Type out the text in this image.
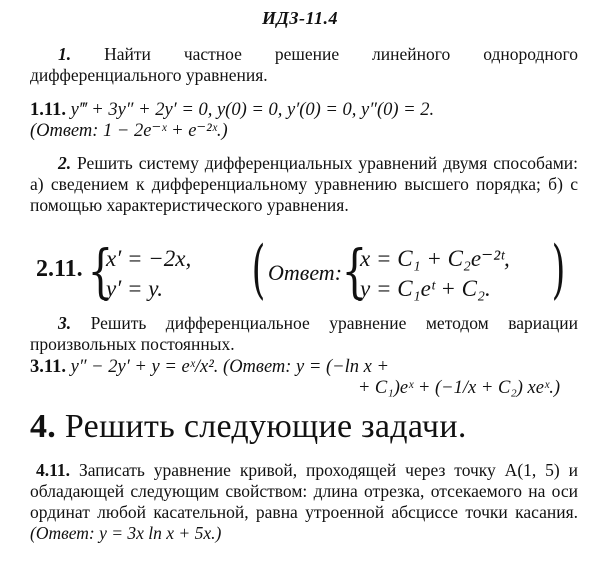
ИДЗ-11.4
1. Найти частное решение линейного однородного дифференциального уравнения.
1.11. y‴ + 3y″ + 2y′ = 0, y(0) = 0, y′(0) = 0, y″(0) = 2.
(Ответ: 1 − 2e⁻ˣ + e⁻²ˣ.)
2. Решить систему дифференциальных уравнений двумя способами: а) сведением к дифференциальному уравнению высшего порядка; б) с помощью характеристического уравнения.
2.11. {
x′ = −2x,
y′ = y. ( Ответ: {
x = C₁ + C₂e⁻²ᵗ,
y = C₁eᵗ + C₂. )
3. Решить дифференциальное уравнение методом вариации произвольных постоянных.
3.11. y″ − 2y′ + y = eˣ/x². (Ответ: y = (−ln x +
+ C₁)eˣ + (−1/x + C₂) xeˣ.)
4. Решить следующие задачи.
4.11. Записать уравнение кривой, проходящей через точку A(1, 5) и обладающей следующим свойством: длина отрезка, отсекаемого на оси ординат любой касательной, равна утроенной абсциссе точки касания. (Ответ: y = 3x ln x + 5x.)
